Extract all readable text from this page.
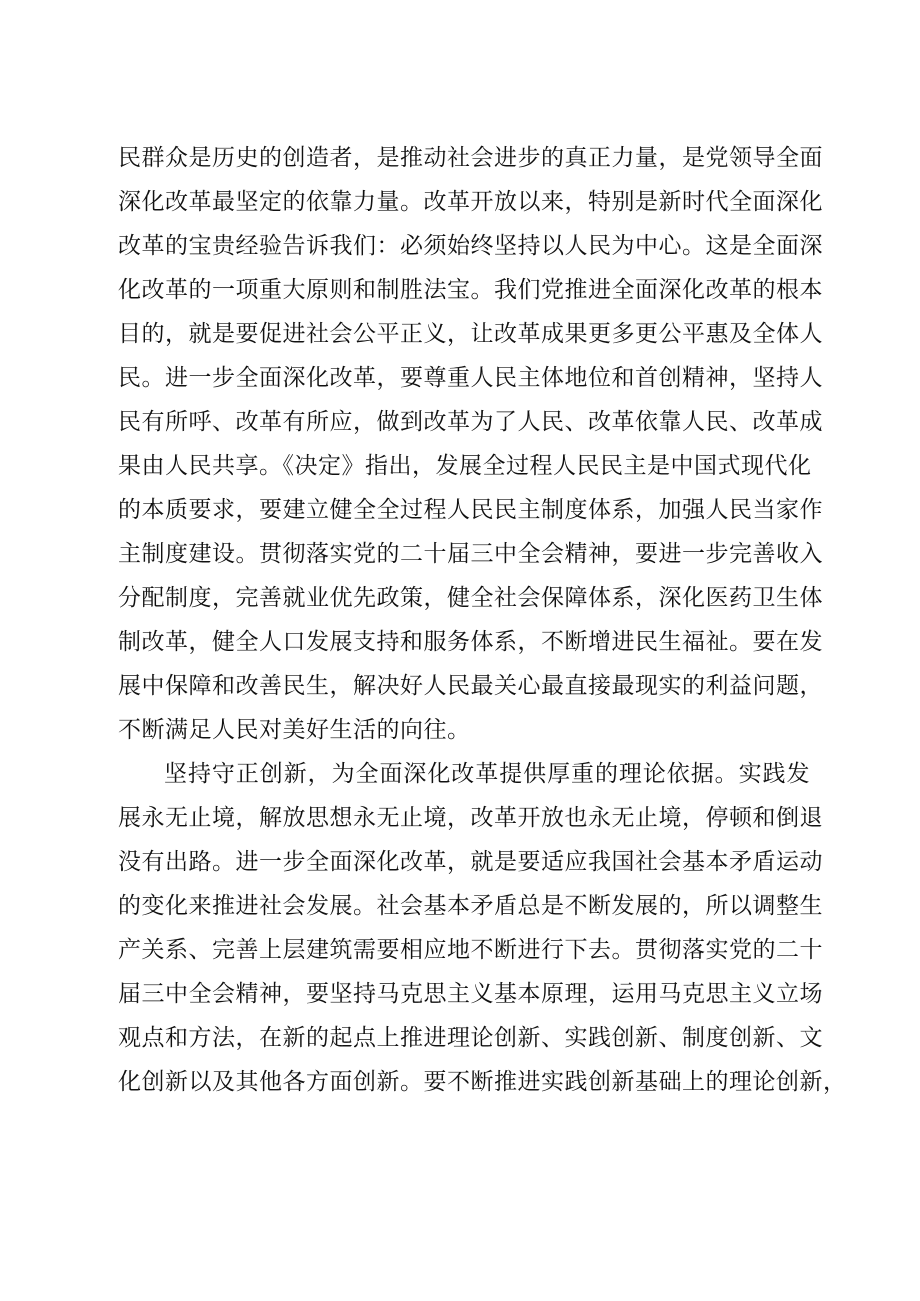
民群众是历史的创造者，是推动社会进步的真正力量，是党领导全面
深化改革最坚定的依靠力量。改革开放以来，特别是新时代全面深化
改革的宝贵经验告诉我们：必须始终坚持以人民为中心。这是全面深
化改革的一项重大原则和制胜法宝。我们党推进全面深化改革的根本
目的，就是要促进社会公平正义，让改革成果更多更公平惠及全体人
民。进一步全面深化改革，要尊重人民主体地位和首创精神，坚持人
民有所呼、改革有所应，做到改革为了人民、改革依靠人民、改革成
果由人民共享。《决定》指出，发展全过程人民民主是中国式现代化
的本质要求，要建立健全全过程人民民主制度体系，加强人民当家作
主制度建设。贯彻落实党的二十届三中全会精神，要进一步完善收入
分配制度，完善就业优先政策，健全社会保障体系，深化医药卫生体
制改革，健全人口发展支持和服务体系，不断增进民生福祉。要在发
展中保障和改善民生，解决好人民最关心最直接最现实的利益问题，
不断满足人民对美好生活的向往。
坚持守正创新，为全面深化改革提供厚重的理论依据。实践发
展永无止境，解放思想永无止境，改革开放也永无止境，停顿和倒退
没有出路。进一步全面深化改革，就是要适应我国社会基本矛盾运动
的变化来推进社会发展。社会基本矛盾总是不断发展的，所以调整生
产关系、完善上层建筑需要相应地不断进行下去。贯彻落实党的二十
届三中全会精神，要坚持马克思主义基本原理，运用马克思主义立场
观点和方法，在新的起点上推进理论创新、实践创新、制度创新、文
化创新以及其他各方面创新。要不断推进实践创新基础上的理论创新，
